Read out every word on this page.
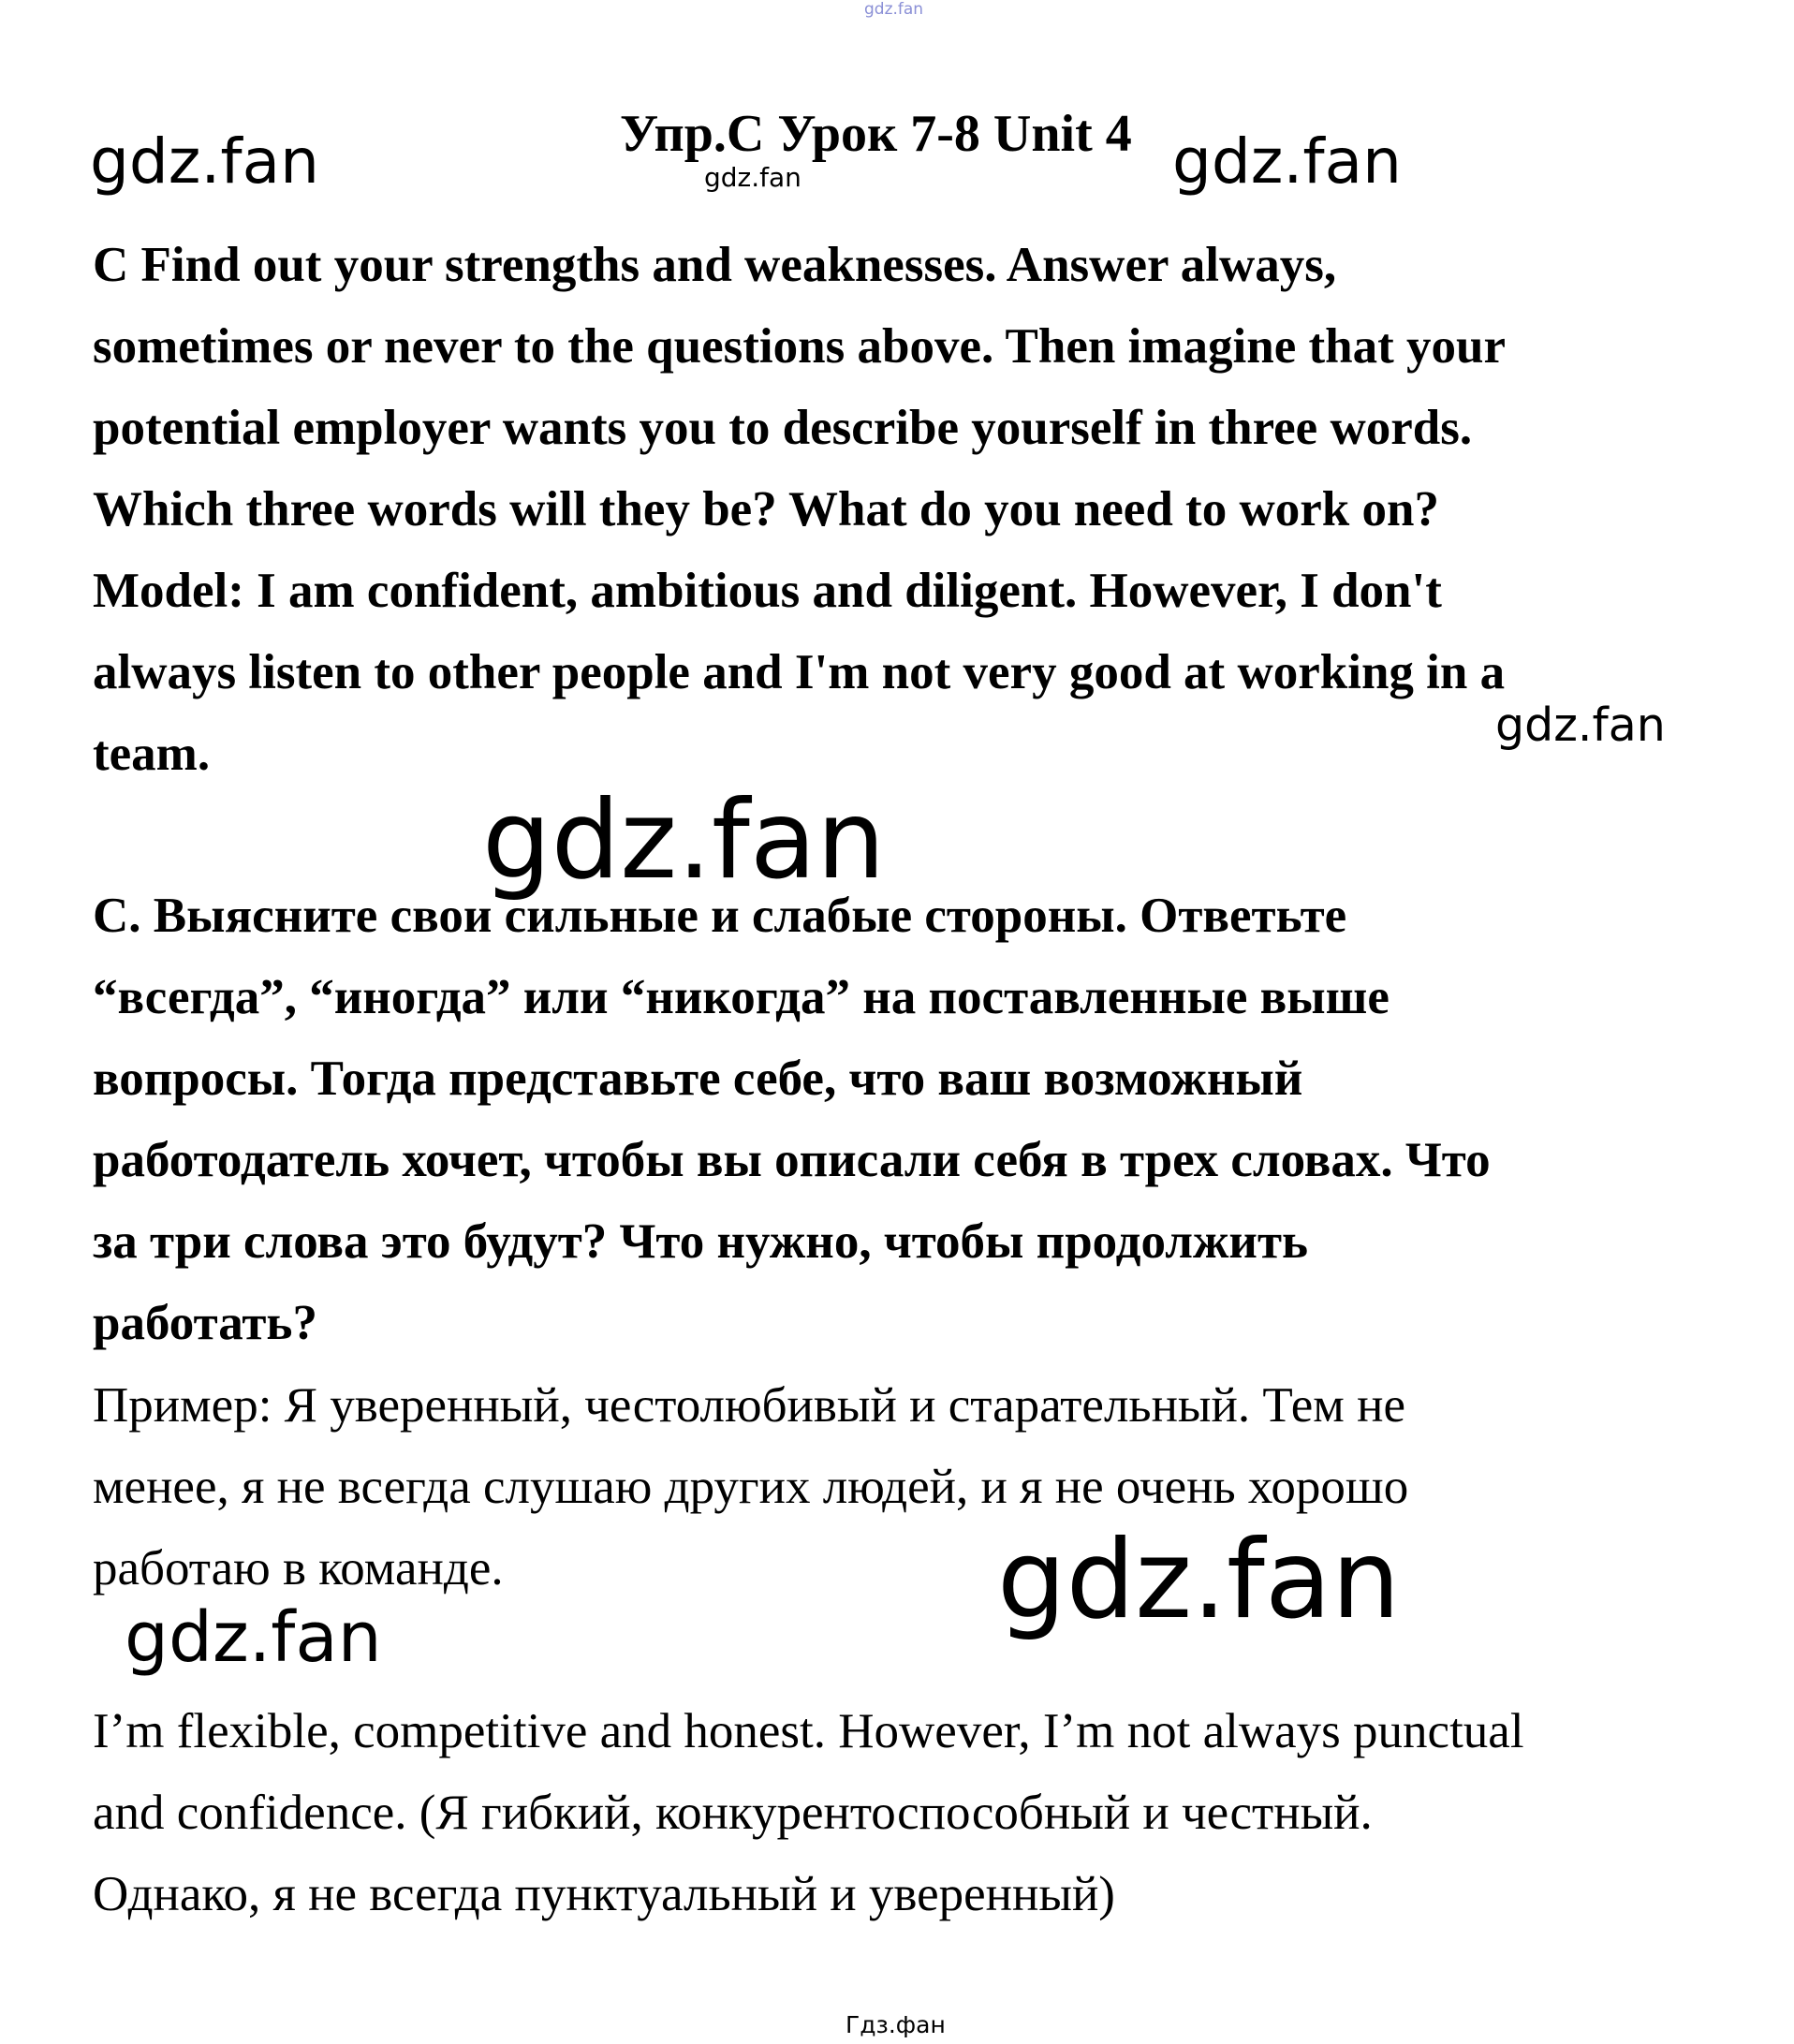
Упр.С Урок 7-8 Unit 4
C Find out your strengths and weaknesses. Answer always,
sometimes or never to the questions above. Then imagine that your
potential employer wants you to describe yourself in three words.
Which three words will they be? What do you need to work on?
Model: I am confident, ambitious and diligent. However, I don't
always listen to other people and I'm not very good at working in a
team.
С. Выясните свои сильные и слабые стороны. Ответьте
“всегда”, “иногда” или “никогда” на поставленные выше
вопросы. Тогда представьте себе, что ваш возможный
работодатель хочет, чтобы вы описали себя в трех словах. Что
за три слова это будут? Что нужно, чтобы продолжить
работать?
Пример: Я уверенный, честолюбивый и старательный. Тем не
менее, я не всегда слушаю других людей, и я не очень хорошо
работаю в команде.
I’m flexible, competitive and honest. However, I’m not always punctual
and confidence. (Я гибкий, конкурентоспособный и честный.
Однако, я не всегда пунктуальный и уверенный)
gdz.fan
gdz.fan	gdz.fan	gdz.fan
gdz.fan
gdz.fan
gdz.fan
gdz.fan
Гдз.фан
